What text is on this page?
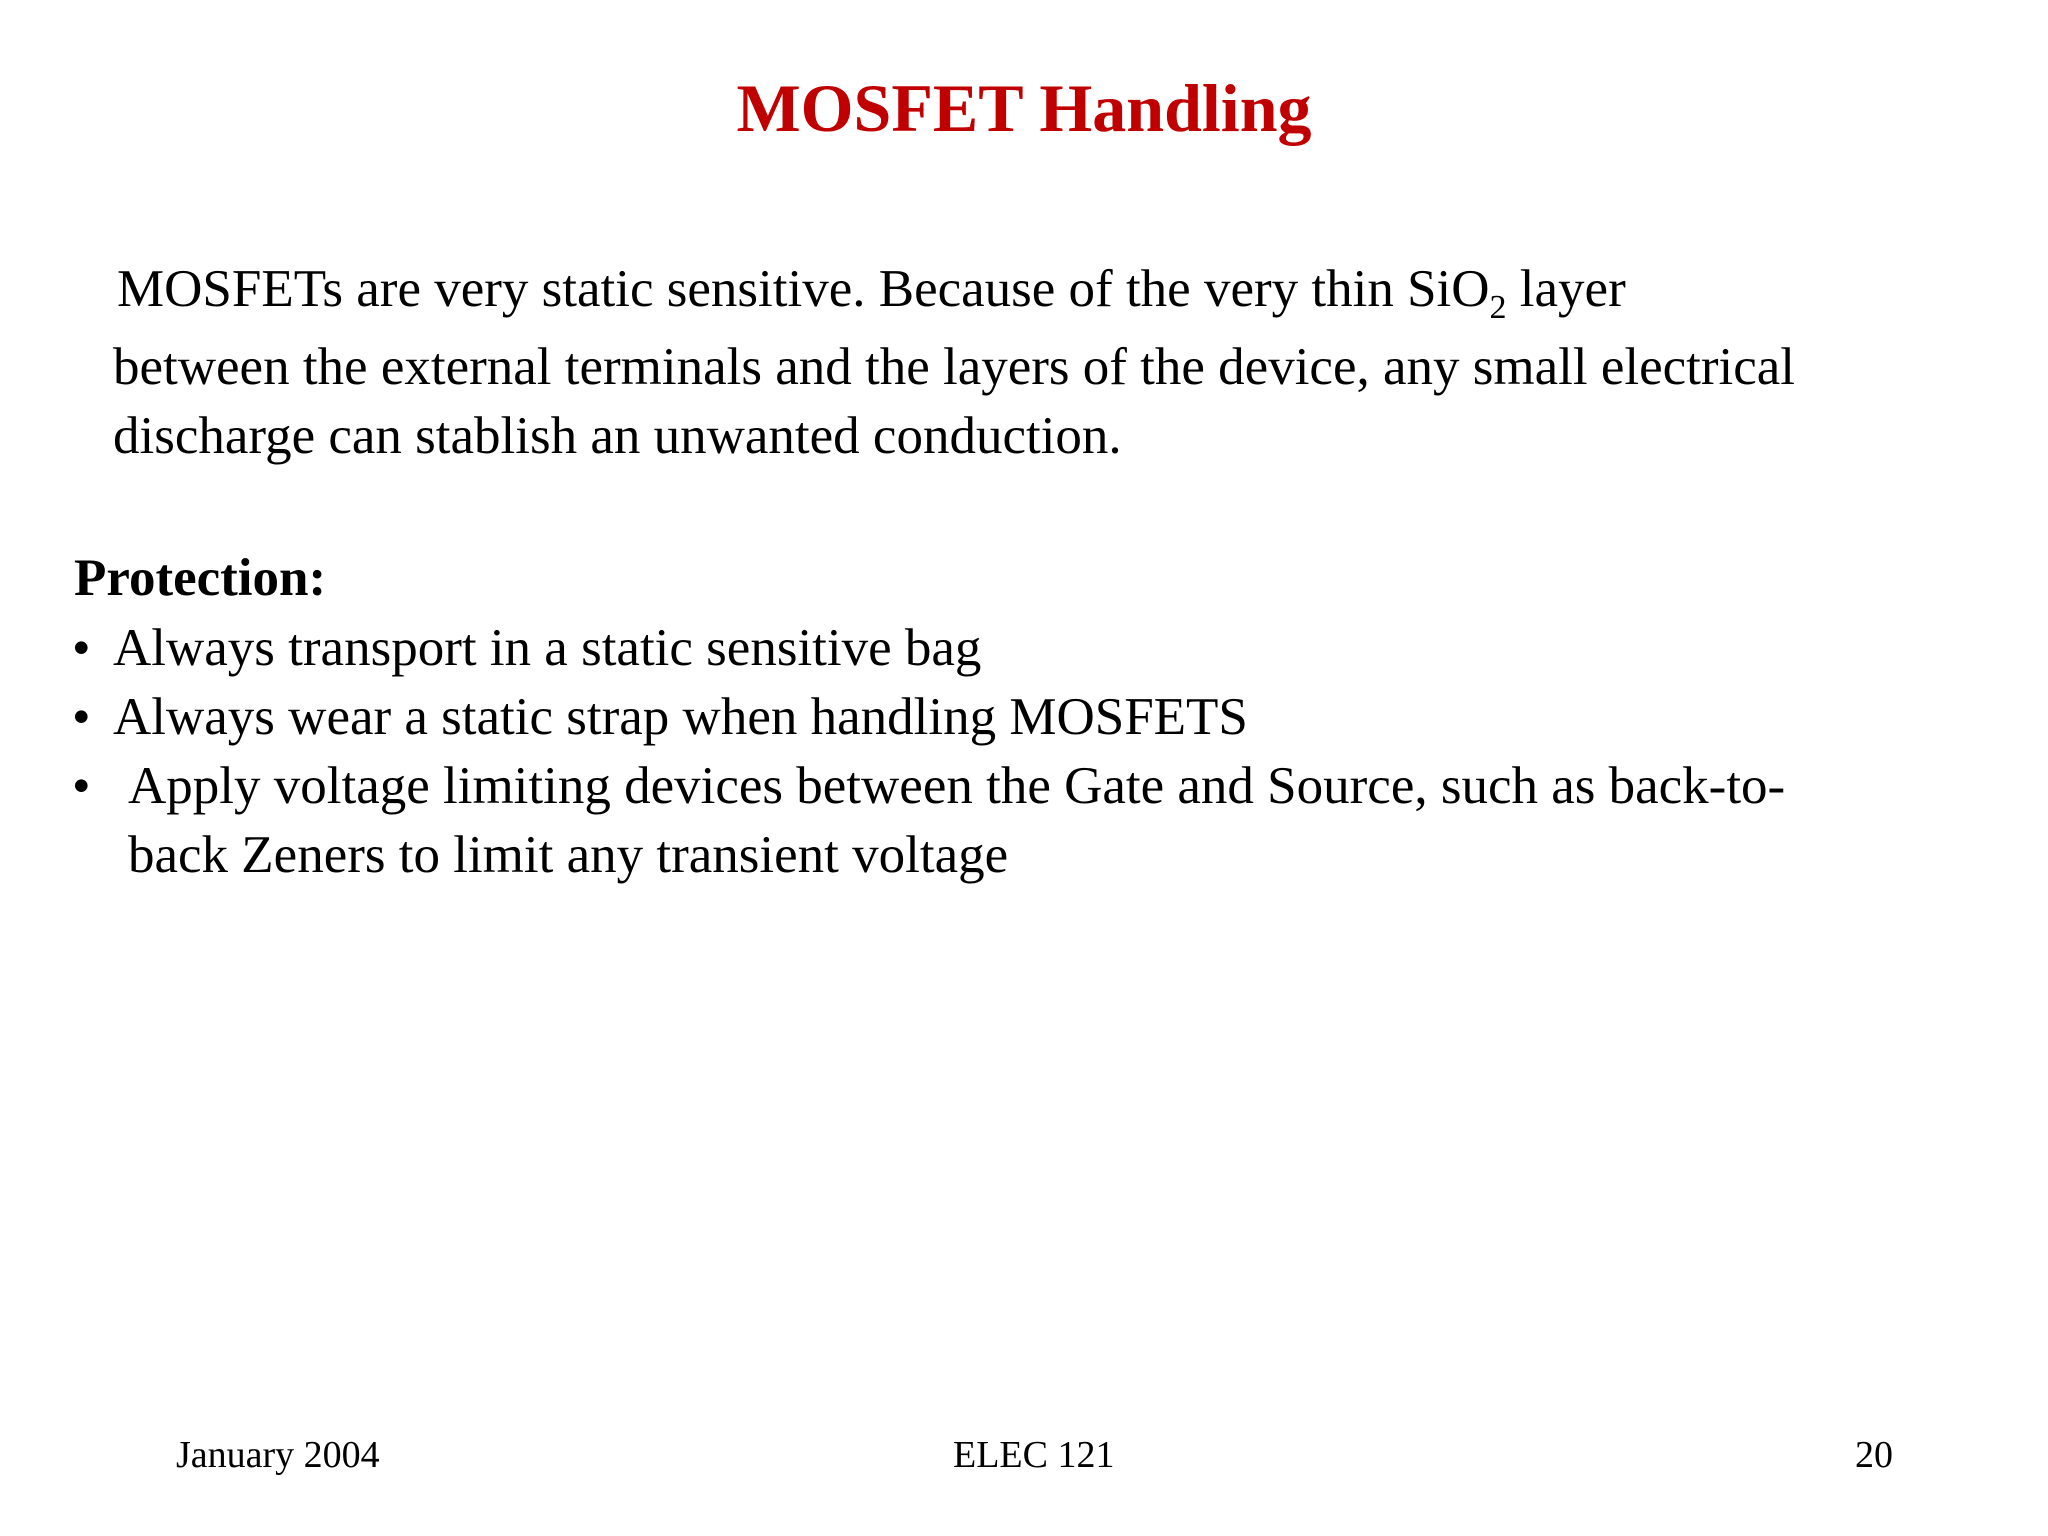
MOSFET Handling
MOSFETs are very static sensitive. Because of the very thin SiO$_2$ layer
between the external terminals and the layers of the device, any small electrical
discharge can stablish an unwanted conduction.
Protection:
• Always transport in a static sensitive bag
• Always wear a static strap when handling MOSFETS
• Apply voltage limiting devices between the Gate and Source, such as back-to-
back Zeners to limit any transient voltage
January 2004	ELEC 121	20
